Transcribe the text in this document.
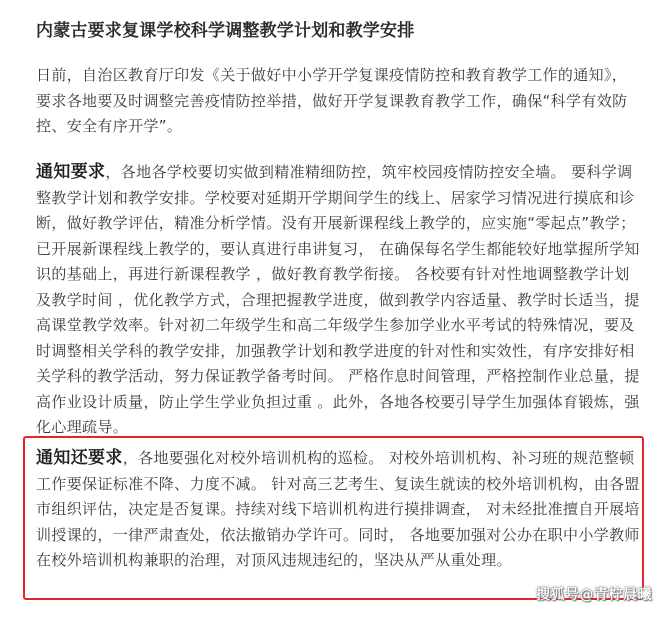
内蒙古要求复课学校科学调整教学计划和教学安排

日前，自治区教育厅印发《关于做好中小学开学复课疫情防控和教育教学工作的通知》，要求各地要及时调整完善疫情防控举措，做好开学复课教育教学工作，确保“科学有效防控、安全有序开学”。

通知要求，各地各学校要切实做到精准精细防控，筑牢校园疫情防控安全墙。 要科学调整教学计划和教学安排。学校要对延期开学期间学生的线上、居家学习情况进行摸底和诊断，做好教学评估，精准分析学情。没有开展新课程线上教学的，应实施“零起点”教学；已开展新课程线上教学的，要认真进行串讲复习， 在确保每名学生都能较好地掌握所学知识的基础上，再进行新课程教学 ，做好教育教学衔接。 各校要有针对性地调整教学计划及教学时间 ，优化教学方式，合理把握教学进度，做到教学内容适量、教学时长适当，提高课堂教学效率。针对初二年级学生和高二年级学生参加学业水平考试的特殊情况，要及时调整相关学科的教学安排，加强教学计划和教学进度的针对性和实效性，有序安排好相关学科的教学活动，努力保证教学备考时间。 严格作息时间管理，严格控制作业总量，提高作业设计质量，防止学生学业负担过重 。此外，各地各校要引导学生加强体育锻炼，强化心理疏导。

通知还要求，各地要强化对校外培训机构的巡检。 对校外培训机构、补习班的规范整顿工作要保证标准不降、力度不减。 针对高三艺考生、复读生就读的校外培训机构，由各盟市组织评估，决定是否复课。持续对线下培训机构进行摸排调查， 对未经批准擅自开展培训授课的，一律严肃查处，依法撤销办学许可。同时， 各地要加强对公办在职中小学教师在校外培训机构兼职的治理，对顶风违规违纪的，坚决从严从重处理。

搜狐号@青柠晨曦
